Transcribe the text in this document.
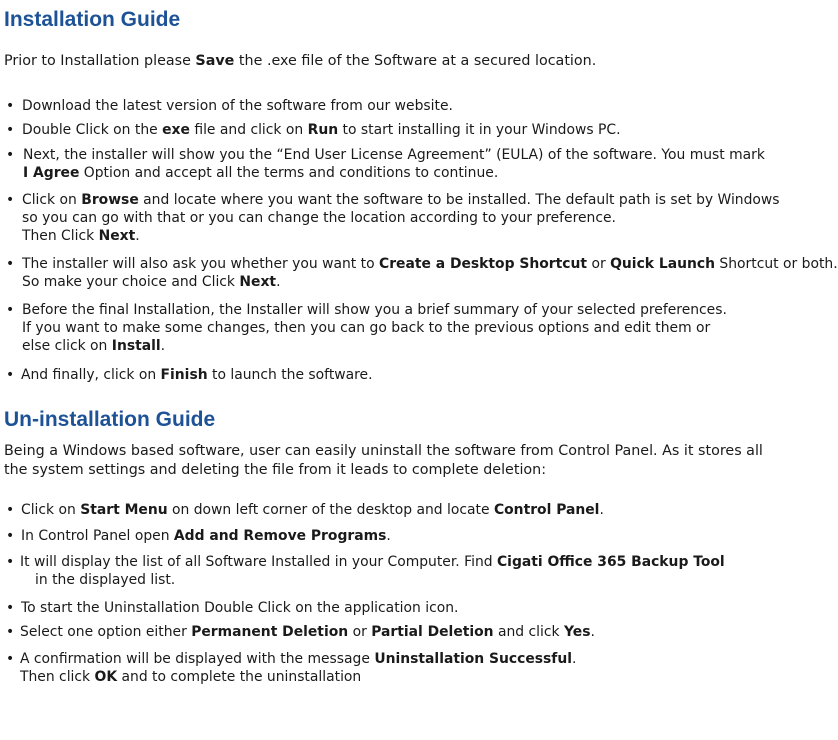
Installation Guide
Prior to Installation please Save the .exe file of the Software at a secured location.
• Download the latest version of the software from our website.
• Double Click on the exe file and click on Run to start installing it in your Windows PC.
• Next, the installer will show you the “End User License Agreement” (EULA) of the software. You must mark
I Agree Option and accept all the terms and conditions to continue.
• Click on Browse and locate where you want the software to be installed. The default path is set by Windows
so you can go with that or you can change the location according to your preference.
Then Click Next.
• The installer will also ask you whether you want to Create a Desktop Shortcut or Quick Launch Shortcut or both.
So make your choice and Click Next.
• Before the final Installation, the Installer will show you a brief summary of your selected preferences.
If you want to make some changes, then you can go back to the previous options and edit them or
else click on Install.
• And finally, click on Finish to launch the software.
Un-installation Guide
Being a Windows based software, user can easily uninstall the software from Control Panel. As it stores all
the system settings and deleting the file from it leads to complete deletion:
• Click on Start Menu on down left corner of the desktop and locate Control Panel.
• In Control Panel open Add and Remove Programs.
• It will display the list of all Software Installed in your Computer. Find Cigati Office 365 Backup Tool
in the displayed list.
• To start the Uninstallation Double Click on the application icon.
• Select one option either Permanent Deletion or Partial Deletion and click Yes.
• A confirmation will be displayed with the message Uninstallation Successful.
Then click OK and to complete the uninstallation
